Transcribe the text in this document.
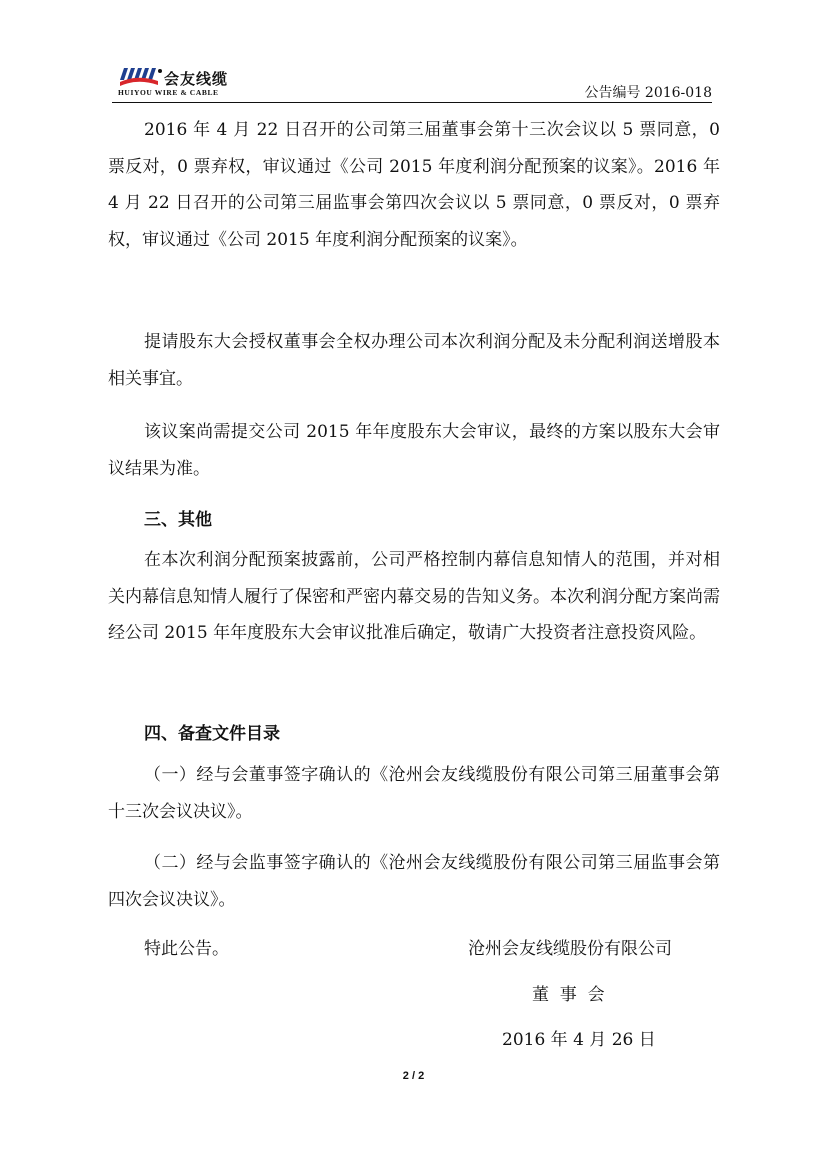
会友线缆
HUIYOU WIRE & CABLE	公告编号 2016-018

2016 年 4 月 22 日召开的公司第三届董事会第十三次会议以 5 票同意，0 票反对，0 票弃权，审议通过《公司 2015 年度利润分配预案的议案》。2016 年 4 月 22 日召开的公司第三届监事会第四次会议以 5 票同意，0 票反对，0 票弃权，审议通过《公司 2015 年度利润分配预案的议案》。

提请股东大会授权董事会全权办理公司本次利润分配及未分配利润送增股本相关事宜。

该议案尚需提交公司 2015 年年度股东大会审议，最终的方案以股东大会审议结果为准。

三、其他

在本次利润分配预案披露前，公司严格控制内幕信息知情人的范围，并对相关内幕信息知情人履行了保密和严密内幕交易的告知义务。本次利润分配方案尚需经公司 2015 年年度股东大会审议批准后确定，敬请广大投资者注意投资风险。

四、备查文件目录

（一）经与会董事签字确认的《沧州会友线缆股份有限公司第三届董事会第十三次会议决议》。

（二）经与会监事签字确认的《沧州会友线缆股份有限公司第三届监事会第四次会议决议》。

特此公告。	沧州会友线缆股份有限公司
董  事  会
2016 年 4 月 26 日
2 / 2
